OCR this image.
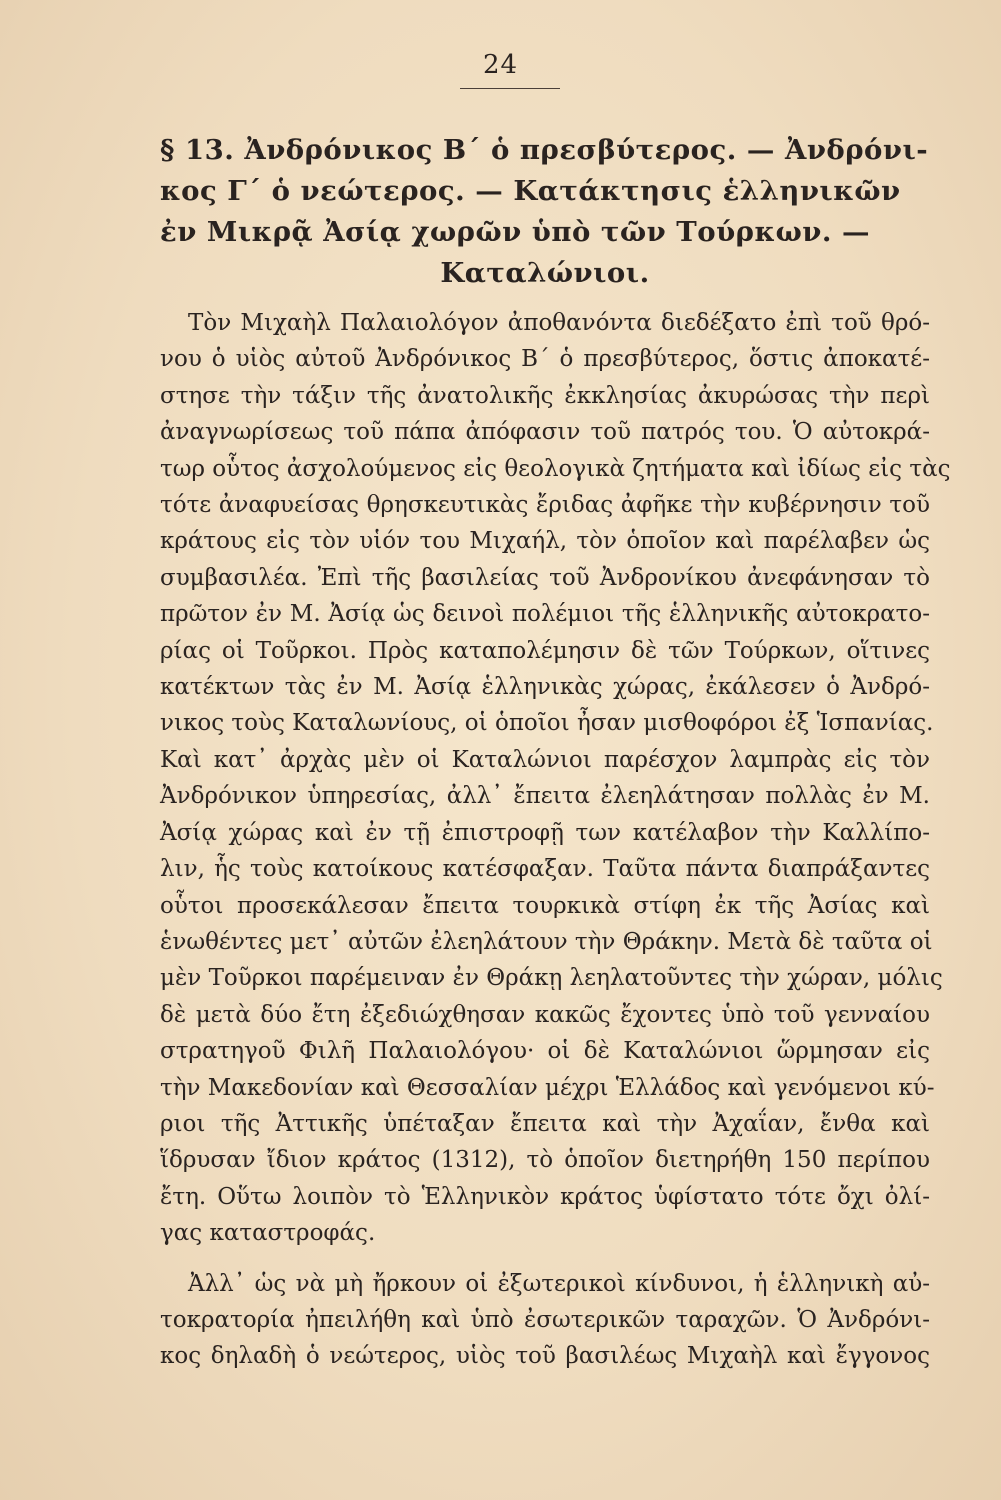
24
§ 13. Ἀνδρόνικος Β΄ ὁ πρεσβύτερος. — Ἀνδρόνι-
κος Γ΄ ὁ νεώτερος. — Κατάκτησις ἑλληνικῶν
ἐν Μικρᾷ Ἀσίᾳ χωρῶν ὑπὸ τῶν Τούρκων. —
Καταλώνιοι.
Τὸν Μιχαὴλ Παλαιολόγον ἀποθανόντα διεδέξατο ἐπὶ τοῦ θρό-
νου ὁ υἱὸς αὐτοῦ Ἀνδρόνικος Β΄ ὁ πρεσβύτερος, ὅστις ἀποκατέ-
στησε τὴν τάξιν τῆς ἀνατολικῆς ἐκκλησίας ἀκυρώσας τὴν περὶ
ἀναγνωρίσεως τοῦ πάπα ἀπόφασιν τοῦ πατρός του. Ὁ αὐτοκρά-
τωρ οὗτος ἀσχολούμενος εἰς θεολογικὰ ζητήματα καὶ ἰδίως εἰς τὰς
τότε ἀναφυείσας θρησκευτικὰς ἔριδας ἀφῆκε τὴν κυβέρνησιν τοῦ
κράτους εἰς τὸν υἱόν του Μιχαήλ, τὸν ὁποῖον καὶ παρέλαβεν ὡς
συμβασιλέα. Ἐπὶ τῆς βασιλείας τοῦ Ἀνδρονίκου ἀνεφάνησαν τὸ
πρῶτον ἐν Μ. Ἀσίᾳ ὡς δεινοὶ πολέμιοι τῆς ἑλληνικῆς αὐτοκρατο-
ρίας οἱ Τοῦρκοι. Πρὸς καταπολέμησιν δὲ τῶν Τούρκων, οἵτινες
κατέκτων τὰς ἐν Μ. Ἀσίᾳ ἑλληνικὰς χώρας, ἐκάλεσεν ὁ Ἀνδρό-
νικος τοὺς Καταλωνίους, οἱ ὁποῖοι ἦσαν μισθοφόροι ἐξ Ἱσπανίας.
Καὶ κατ᾽ ἀρχὰς μὲν οἱ Καταλώνιοι παρέσχον λαμπρὰς εἰς τὸν
Ἀνδρόνικον ὑπηρεσίας, ἀλλ᾽ ἔπειτα ἐλεηλάτησαν πολλὰς ἐν Μ.
Ἀσίᾳ χώρας καὶ ἐν τῇ ἐπιστροφῇ των κατέλαβον τὴν Καλλίπο-
λιν, ἧς τοὺς κατοίκους κατέσφαξαν. Ταῦτα πάντα διαπράξαντες
οὗτοι προσεκάλεσαν ἔπειτα τουρκικὰ στίφη ἐκ τῆς Ἀσίας καὶ
ἑνωθέντες μετ᾽ αὐτῶν ἐλεηλάτουν τὴν Θράκην. Μετὰ δὲ ταῦτα οἱ
μὲν Τοῦρκοι παρέμειναν ἐν Θράκῃ λεηλατοῦντες τὴν χώραν, μόλις
δὲ μετὰ δύο ἔτη ἐξεδιώχθησαν κακῶς ἔχοντες ὑπὸ τοῦ γενναίου
στρατηγοῦ Φιλῆ Παλαιολόγου· οἱ δὲ Καταλώνιοι ὥρμησαν εἰς
τὴν Μακεδονίαν καὶ Θεσσαλίαν μέχρι Ἑλλάδος καὶ γενόμενοι κύ-
ριοι τῆς Ἀττικῆς ὑπέταξαν ἔπειτα καὶ τὴν Ἀχαΐαν, ἔνθα καὶ
ἵδρυσαν ἴδιον κράτος (1312), τὸ ὁποῖον διετηρήθη 150 περίπου
ἔτη. Οὕτω λοιπὸν τὸ Ἑλληνικὸν κράτος ὑφίστατο τότε ὄχι ὀλί-
γας καταστροφάς.
Ἀλλ᾽ ὡς νὰ μὴ ἤρκουν οἱ ἐξωτερικοὶ κίνδυνοι, ἡ ἑλληνικὴ αὐ-
τοκρατορία ἠπειλήθη καὶ ὑπὸ ἐσωτερικῶν ταραχῶν. Ὁ Ἀνδρόνι-
κος δηλαδὴ ὁ νεώτερος, υἱὸς τοῦ βασιλέως Μιχαὴλ καὶ ἔγγονος
